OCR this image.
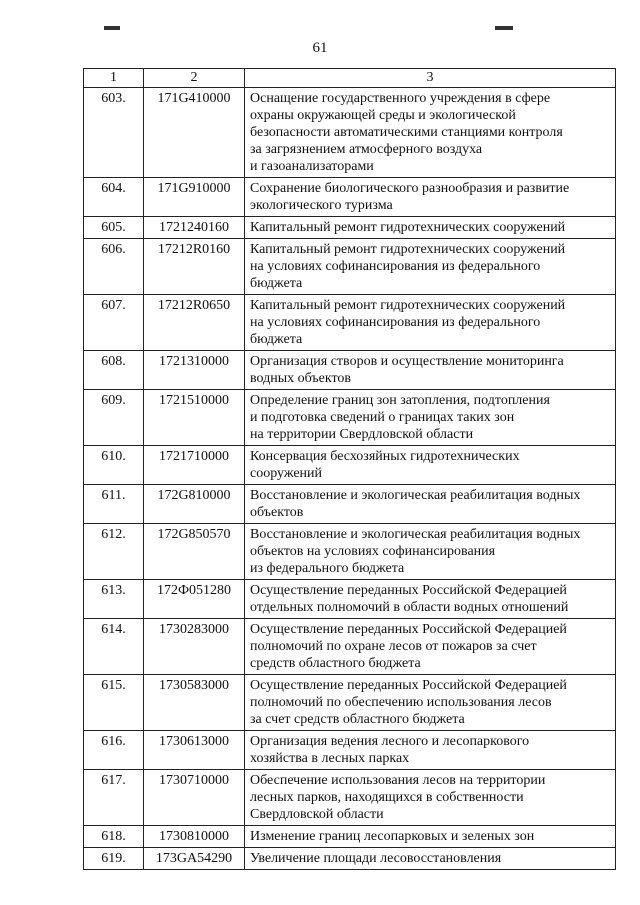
61
1	2	3
603.	171G410000	Оснащение государственного учреждения в сфере
охраны окружающей среды и экологической
безопасности автоматическими станциями контроля
за загрязнением атмосферного воздуха
и газоанализаторами

604.	171G910000	Сохранение биологического разнообразия и развитие
экологического туризма

605.	1721240160	Капитальный ремонт гидротехнических сооружений

606.	17212R0160	Капитальный ремонт гидротехнических сооружений
на условиях софинансирования из федерального
бюджета

607.	17212R0650	Капитальный ремонт гидротехнических сооружений
на условиях софинансирования из федерального
бюджета

608.	1721310000	Организация створов и осуществление мониторинга
водных объектов

609.	1721510000	Определение границ зон затопления, подтопления
и подготовка сведений о границах таких зон
на территории Свердловской области

610.	1721710000	Консервация бесхозяйных гидротехнических
сооружений

611.	172G810000	Восстановление и экологическая реабилитация водных
объектов

612.	172G850570	Восстановление и экологическая реабилитация водных
объектов на условиях софинансирования
из федерального бюджета

613.	172Ф051280	Осуществление переданных Российской Федерацией
отдельных полномочий в области водных отношений

614.	1730283000	Осуществление переданных Российской Федерацией
полномочий по охране лесов от пожаров за счет
средств областного бюджета

615.	1730583000	Осуществление переданных Российской Федерацией
полномочий по обеспечению использования лесов
за счет средств областного бюджета

616.	1730613000	Организация ведения лесного и лесопаркового
хозяйства в лесных парках

617.	1730710000	Обеспечение использования лесов на территории
лесных парков, находящихся в собственности
Свердловской области

618.	1730810000	Изменение границ лесопарковых и зеленых зон

619.	173GA54290	Увеличение площади лесовосстановления
